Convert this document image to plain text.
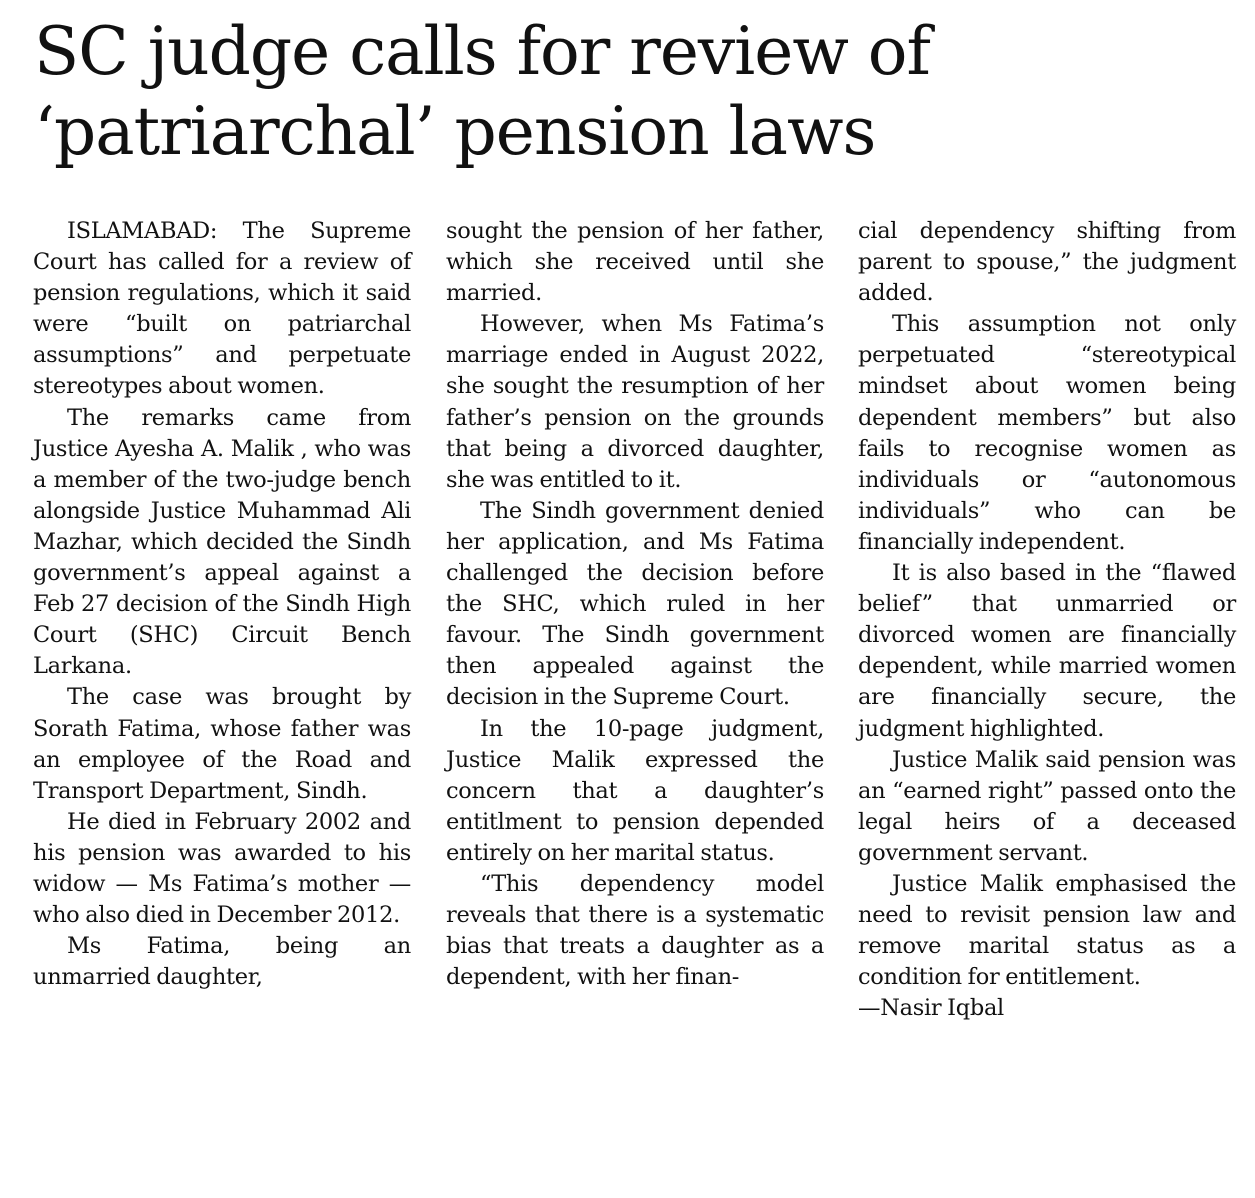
SC judge calls for review of
‘patriarchal’ pension laws

ISLAMABAD: The Supreme Court has called for a review of pension regulations, which it said were “built on patriarchal assumptions” and perpetuate stereotypes about women.

The remarks came from Justice Ayesha A. Malik , who was a member of the two-judge bench alongside Justice Muhammad Ali Mazhar, which decided the Sindh government’s appeal against a Feb 27 decision of the Sindh High Court (SHC) Circuit Bench Larkana.

The case was brought by Sorath Fatima, whose father was an employee of the Road and Transport Department, Sindh.

He died in February 2002 and his pension was awarded to his widow — Ms Fatima’s mother — who also died in December 2012.

Ms Fatima, being an unmarried daughter,

sought the pension of her father, which she received until she married.

However, when Ms Fatima’s marriage ended in August 2022, she sought the resumption of her father’s pension on the grounds that being a divorced daughter, she was entitled to it.

The Sindh government denied her application, and Ms Fatima challenged the decision before the SHC, which ruled in her favour. The Sindh government then appealed against the decision in the Supreme Court.

In the 10-page judgment, Justice Malik expressed the concern that a daughter’s entitlment to pension depended entirely on her marital status.

“This dependency model reveals that there is a systematic bias that treats a daughter as a dependent, with her finan-

cial dependency shifting from parent to spouse,” the judgment added.

This assumption not only perpetuated “stereotypical mindset about women being dependent members” but also fails to recognise women as individuals or “autonomous individuals” who can be financially independent.

It is also based in the “flawed belief” that unmarried or divorced women are financially dependent, while married women are financially secure, the judgment highlighted.

Justice Malik said pension was an “earned right” passed onto the legal heirs of a deceased government servant.

Justice Malik emphasised the need to revisit pension law and remove marital status as a condition for entitlement.

—Nasir Iqbal
